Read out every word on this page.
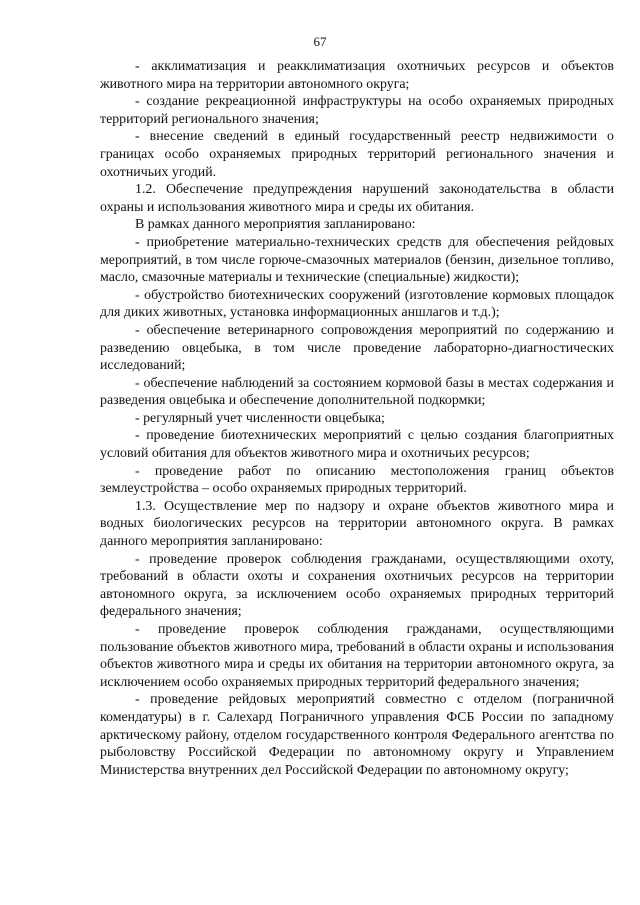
67

- акклиматизация и реакклиматизация охотничьих ресурсов и объектов животного мира на территории автономного округа;

- создание рекреационной инфраструктуры на особо охраняемых природных территорий регионального значения;

- внесение сведений в единый государственный реестр недвижимости о границах особо охраняемых природных территорий регионального значения и охотничьих угодий.

1.2. Обеспечение предупреждения нарушений законодательства в области охраны и использования животного мира и среды их обитания.

В рамках данного мероприятия запланировано:

- приобретение материально-технических средств для обеспечения рейдовых мероприятий, в том числе горюче-смазочных материалов (бензин, дизельное топливо, масло, смазочные материалы и технические (специальные) жидкости);

- обустройство биотехнических сооружений (изготовление кормовых площадок для диких животных, установка информационных аншлагов и т.д.);

- обеспечение ветеринарного сопровождения мероприятий по содержанию и разведению овцебыка, в том числе проведение лабораторно-диагностических исследований;

- обеспечение наблюдений за состоянием кормовой базы в местах содержания и разведения овцебыка и обеспечение дополнительной подкормки;

- регулярный учет численности овцебыка;

- проведение биотехнических мероприятий с целью создания благоприятных условий обитания для объектов животного мира и охотничьих ресурсов;

- проведение работ по описанию местоположения границ объектов землеустройства – особо охраняемых природных территорий.

1.3. Осуществление мер по надзору и охране объектов животного мира и водных биологических ресурсов на территории автономного округа. В рамках данного мероприятия запланировано:

- проведение проверок соблюдения гражданами, осуществляющими охоту, требований в области охоты и сохранения охотничьих ресурсов на территории автономного округа, за исключением особо охраняемых природных территорий федерального значения;

- проведение проверок соблюдения гражданами, осуществляющими пользование объектов животного мира, требований в области охраны и использования объектов животного мира и среды их обитания на территории автономного округа, за исключением особо охраняемых природных территорий федерального значения;

- проведение рейдовых мероприятий совместно с отделом (пограничной комендатуры) в г. Салехард Пограничного управления ФСБ России по западному арктическому району, отделом государственного контроля Федерального агентства по рыболовству Российской Федерации по автономному округу и Управлением Министерства внутренних дел Российской Федерации по автономному округу;
